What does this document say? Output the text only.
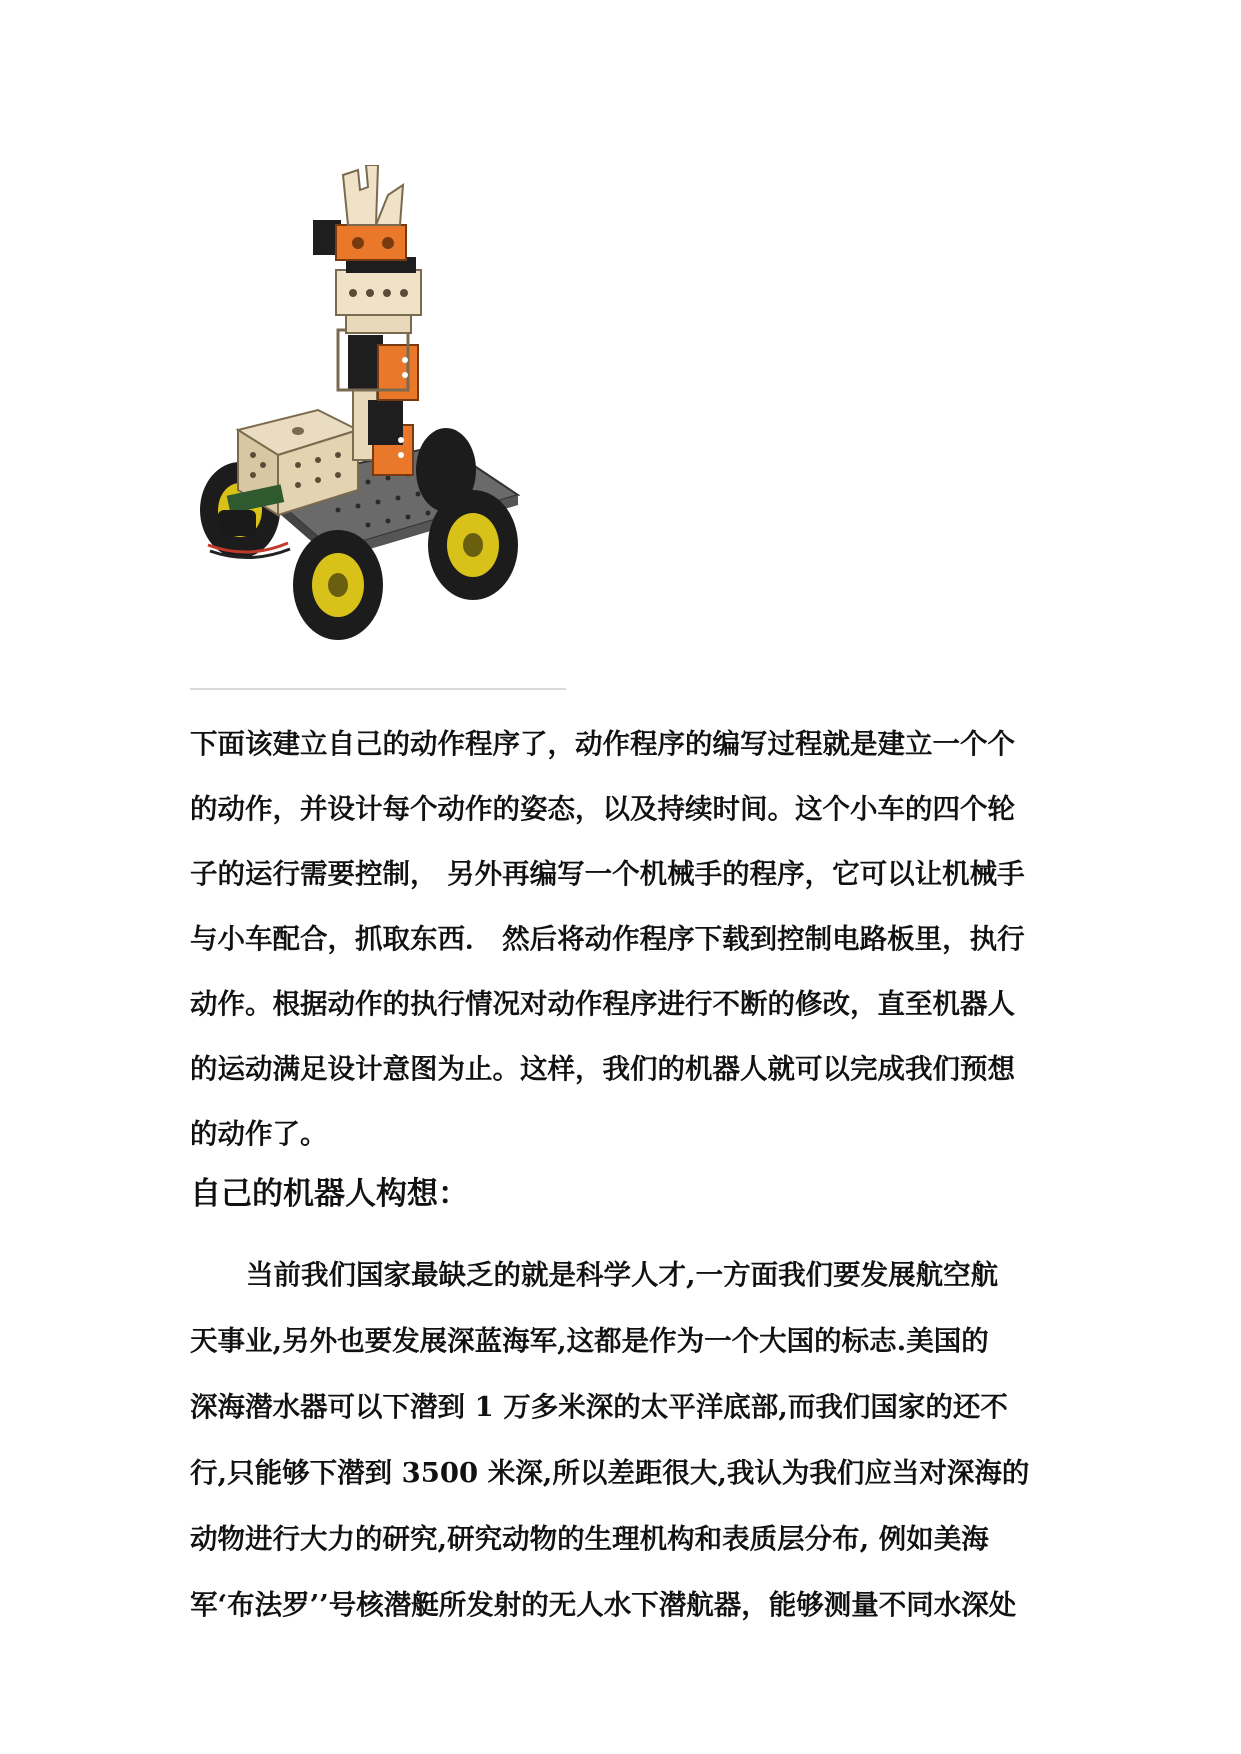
下面该建立自己的动作程序了，动作程序的编写过程就是建立一个个

的动作，并设计每个动作的姿态，以及持续时间。这个小车的四个轮

子的运行需要控制， 另外再编写一个机械手的程序，它可以让机械手

与小车配合，抓取东西． 然后将动作程序下载到控制电路板里，执行

动作。根据动作的执行情况对动作程序进行不断的修改，直至机器人

的运动满足设计意图为止。这样，我们的机器人就可以完成我们预想

的动作了。

自己的机器人构想：

当前我们国家最缺乏的就是科学人才,一方面我们要发展航空航

天事业,另外也要发展深蓝海军,这都是作为一个大国的标志.美国的

深海潜水器可以下潜到 1 万多米深的太平洋底部,而我们国家的还不

行,只能够下潜到 3500 米深,所以差距很大,我认为我们应当对深海的

动物进行大力的研究,研究动物的生理机构和表质层分布, 例如美海

军‘布法罗’’号核潜艇所发射的无人水下潜航器，能够测量不同水深处
